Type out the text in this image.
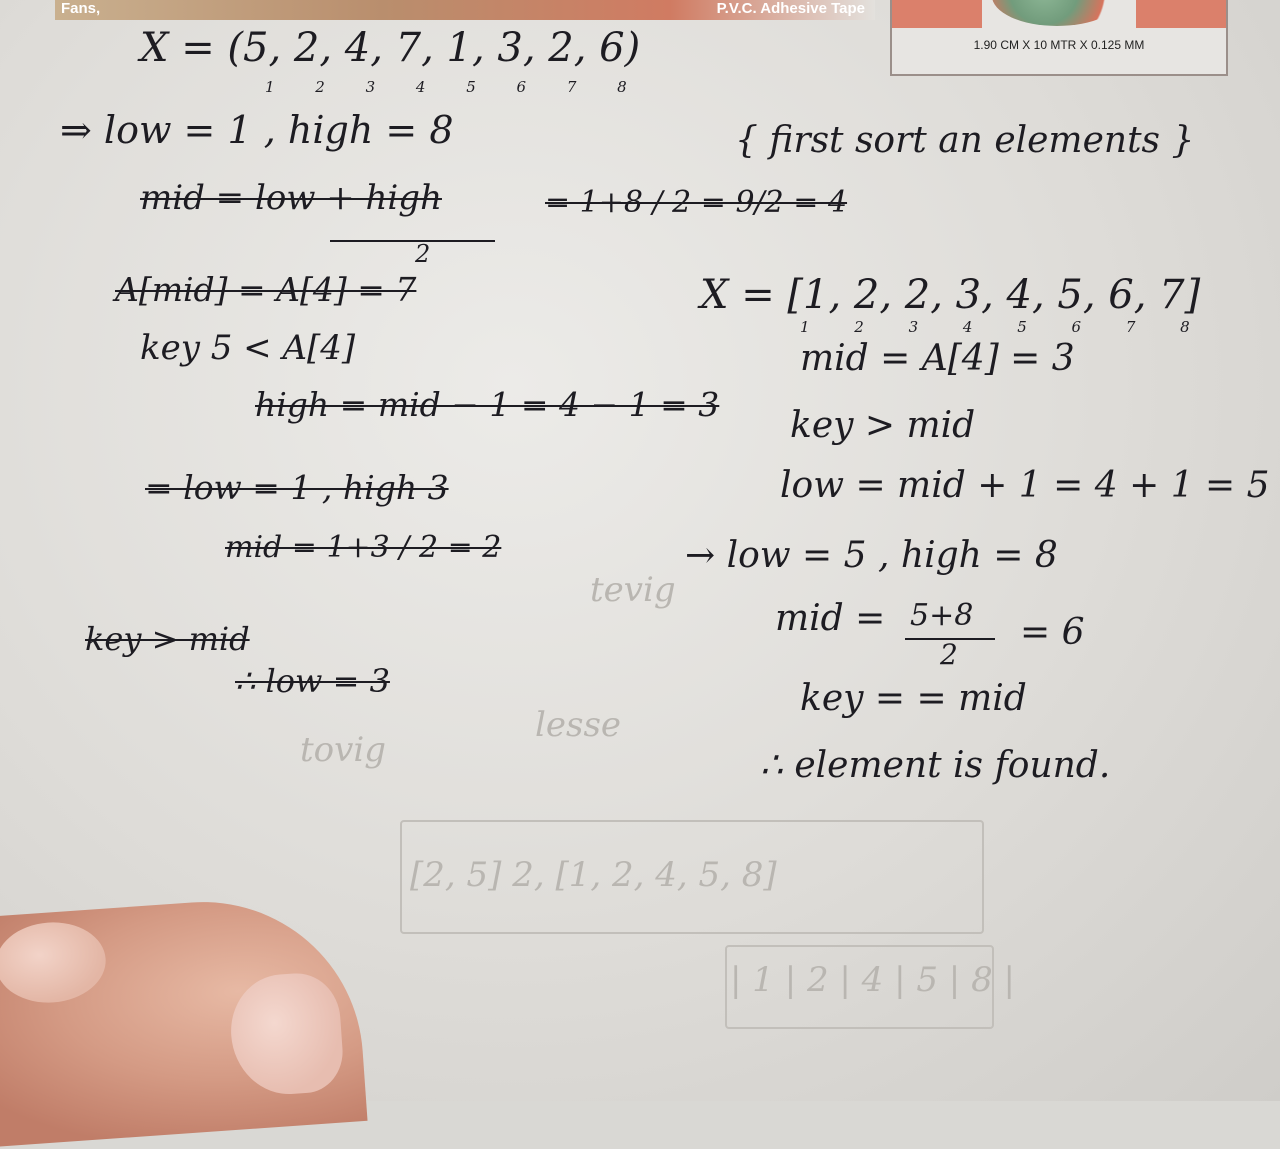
Fans,	P.V.C. Adhesive Tape
1.90 CM X 10 MTR X 0.125 MM
X = (5, 2, 4, 7, 1, 3, 2, 6)
1 2 3 4 5 6 7 8
⇒ low = 1 , high = 8
mid = low + high
2
= 1+8 / 2 = 9/2 = 4
A[mid] = A[4] = 7
key 5 < A[4]
high = mid − 1 = 4 − 1 = 3
= low = 1 , high 3
mid = 1+3 / 2 = 2
key > mid
∴ low = 3
{ first sort an elements }
X = [1, 2, 2, 3, 4, 5, 6, 7]
1 2 3 4 5 6 7 8
mid = A[4] = 3
key > mid
low = mid + 1 = 4 + 1 = 5
→ low = 5 , high = 8
mid = 5+8
2
= 6
key = = mid
∴ element is found.
tovig
lesse
tevig
[2, 5] 2, [1, 2, 4, 5, 8]
| 1 | 2 | 4 | 5 | 8 |
